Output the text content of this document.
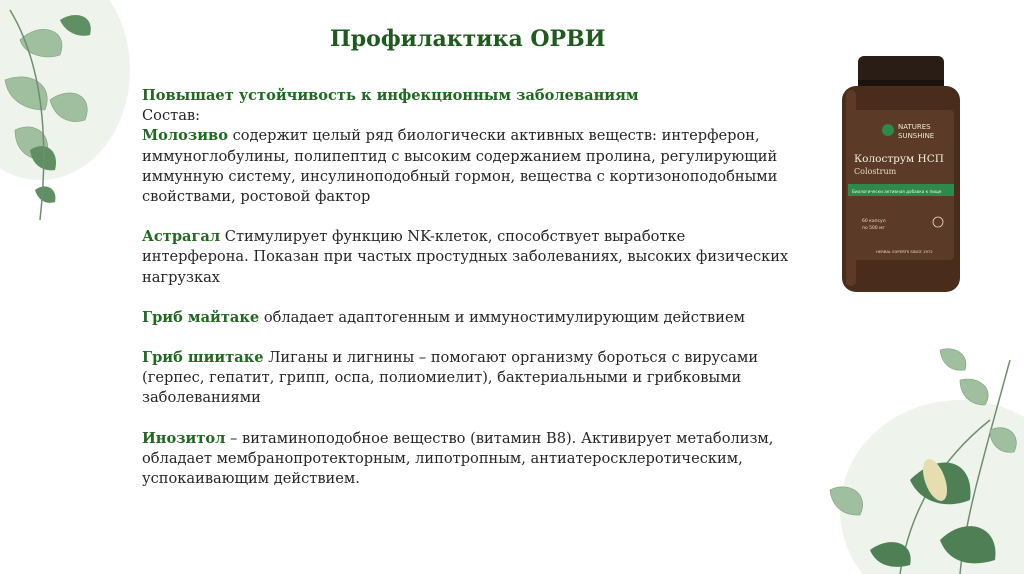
Профилактика ОРВИ

Повышает устойчивость к инфекционным заболеваниям

Состав:

Молозиво содержит целый ряд биологически активных веществ: интерферон, иммуноглобулины, полипептид с высоким содержанием пролина, регулирующий иммунную систему, инсулиноподобный гормон, вещества с кортизоноподобными свойствами, ростовой фактор

Астрагал Стимулирует функцию NK-клеток, способствует выработке интерферона. Показан при частых простудных заболеваниях, высоких физических нагрузках

Гриб майтаке обладает адаптогенным и иммуностимулирующим действием

Гриб шиитаке Лиганы и лигнины – помогают организму бороться с вирусами (герпес, гепатит, грипп, оспа, полиомиелит), бактериальными и грибковыми заболеваниями

Инозитол – витаминоподобное вещество (витамин В8). Активирует метаболизм, обладает мембранопротекторным, липотропным, антиатеросклеротическим, успокаивающим действием.

NATURES
SUNSHINE
Колострум НСП
Colostrum
Биологически активная добавка к пище
60 капсул
по 500 мг
HERBAL EXPERTS SINCE 1972
